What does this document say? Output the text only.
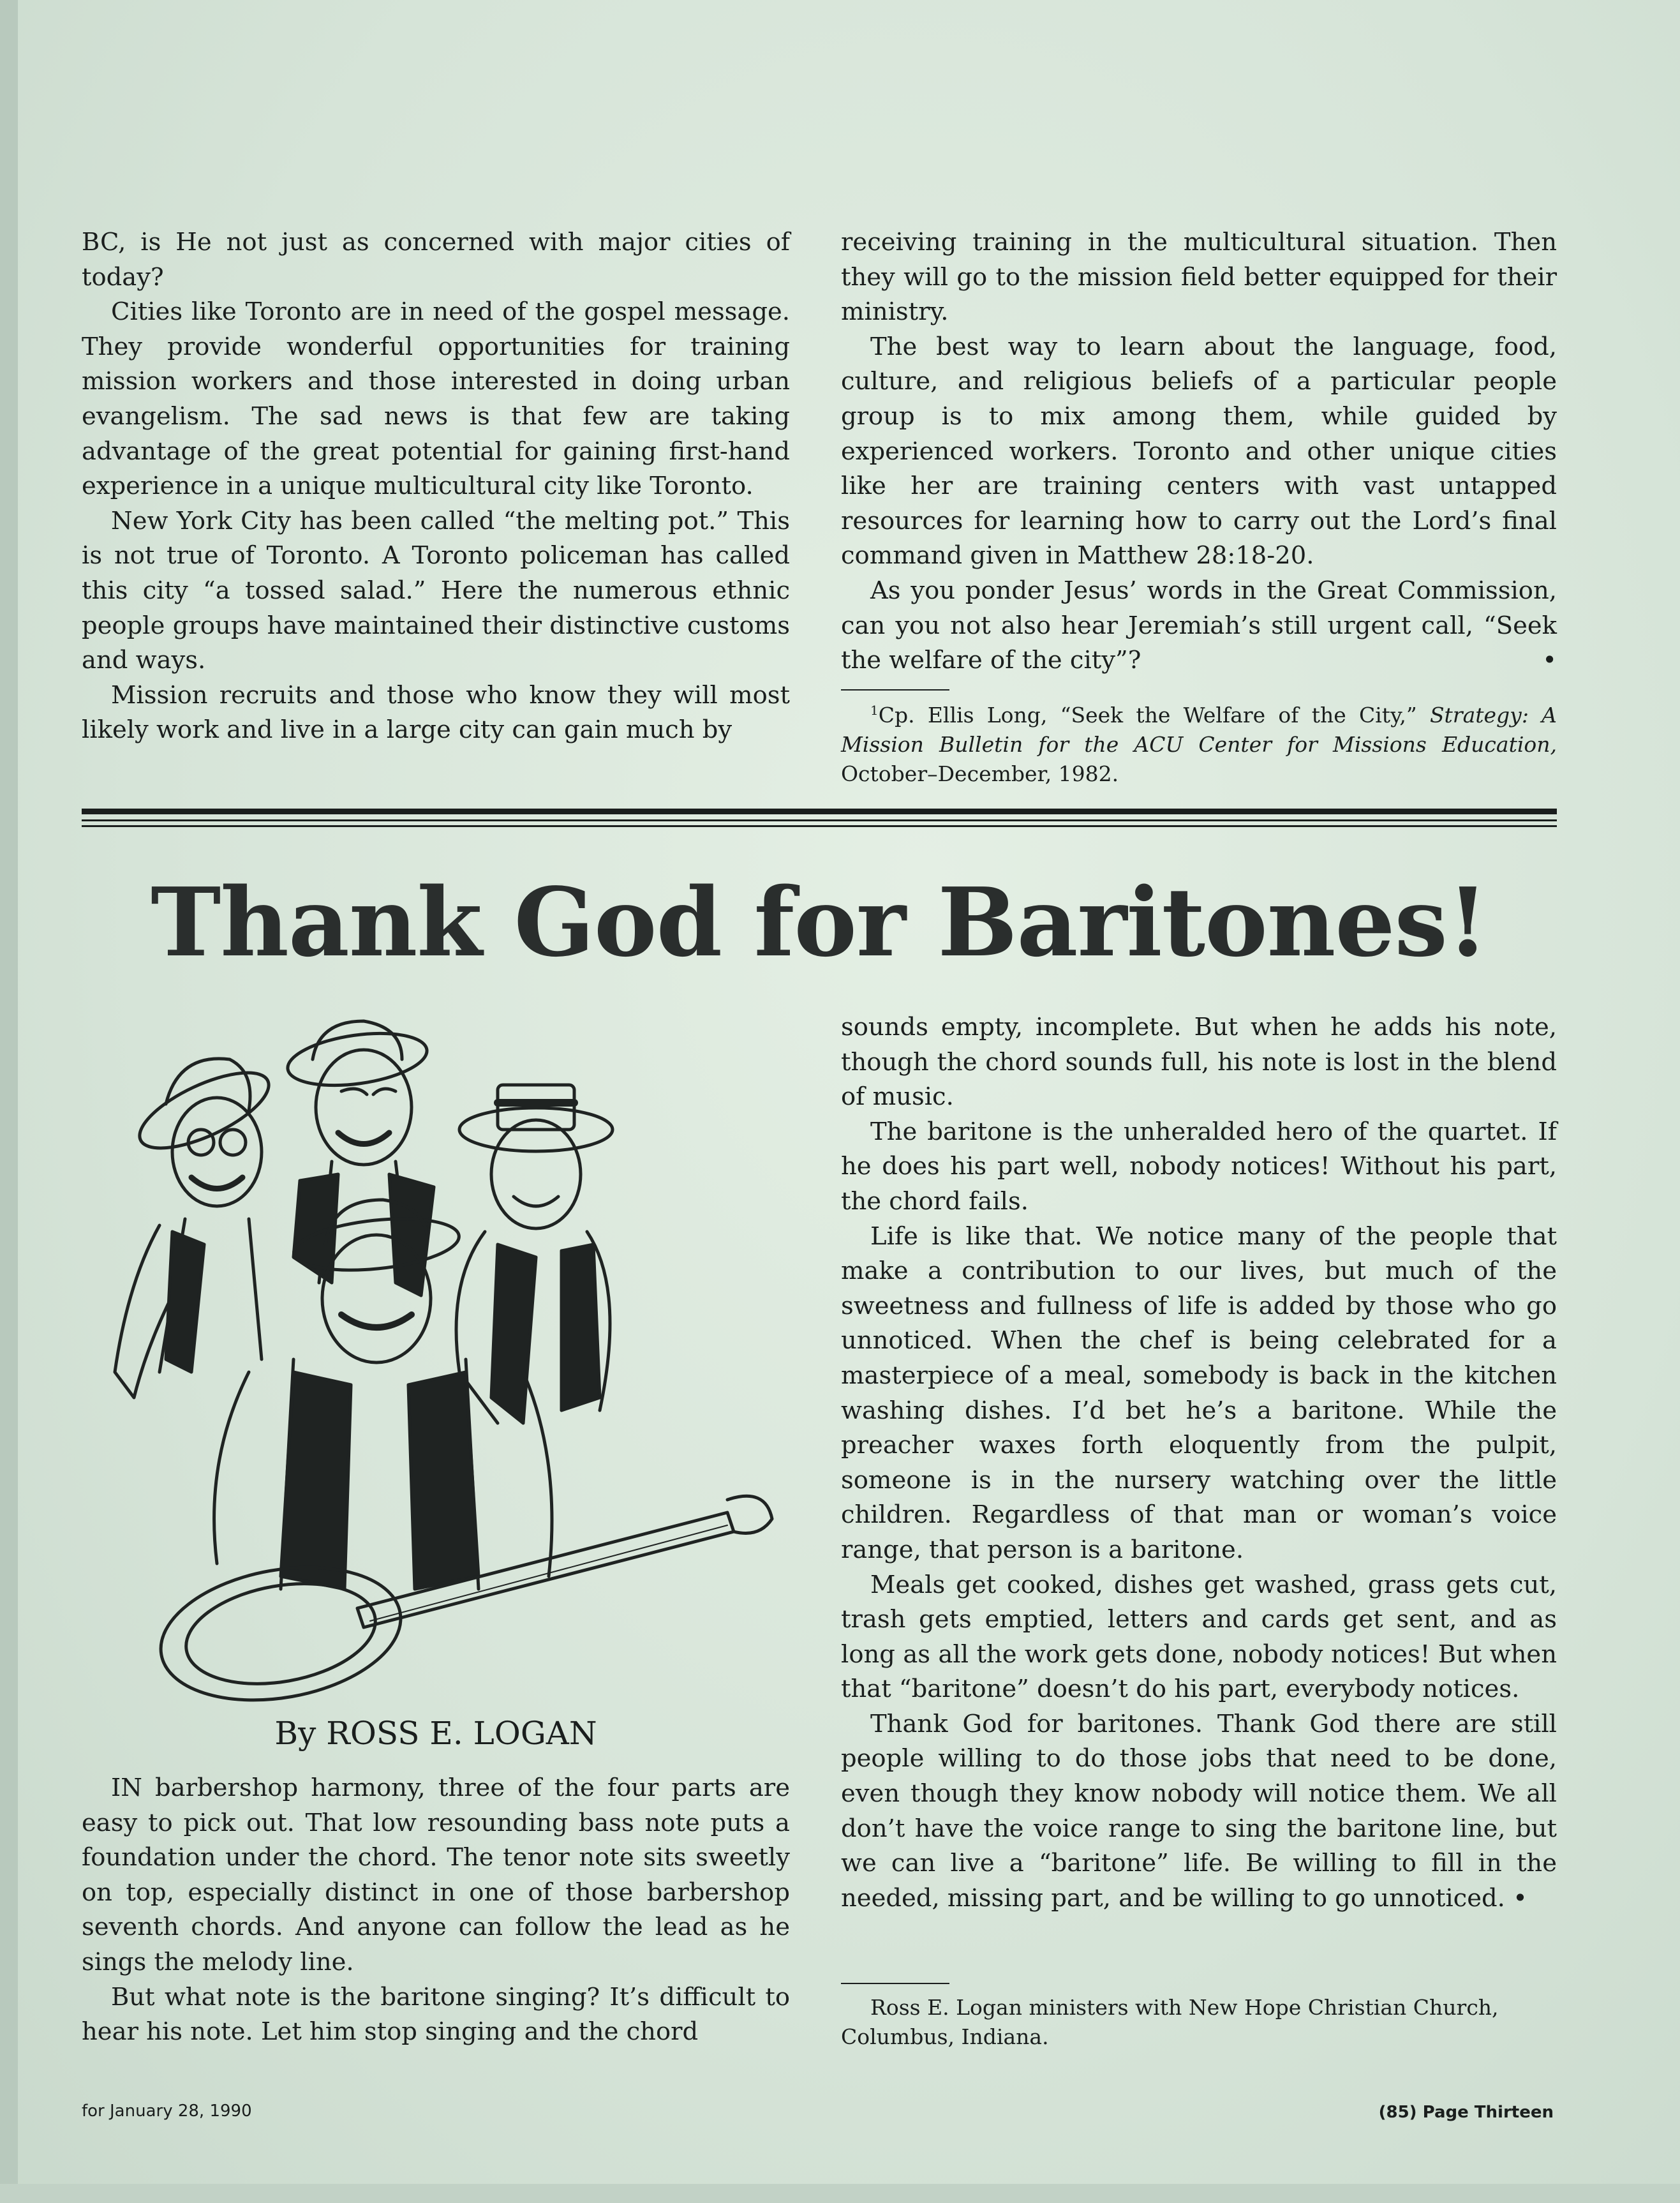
BC, is He not just as concerned with major cities of today?

Cities like Toronto are in need of the gospel message. They provide wonderful opportunities for training mission workers and those interested in doing urban evangelism. The sad news is that few are taking advantage of the great potential for gaining first-hand experience in a unique multicultural city like Toronto.

New York City has been called “the melting pot.” This is not true of Toronto. A Toronto policeman has called this city “a tossed salad.” Here the numerous ethnic people groups have maintained their distinctive customs and ways.

Mission recruits and those who know they will most likely work and live in a large city can gain much by

receiving training in the multicultural situation. Then they will go to the mission field better equipped for their ministry.

The best way to learn about the language, food, culture, and religious beliefs of a particular people group is to mix among them, while guided by experienced workers. Toronto and other unique cities like her are training centers with vast untapped resources for learning how to carry out the Lord’s final command given in Matthew 28:18-20.

As you ponder Jesus’ words in the Great Commission, can you not also hear Jeremiah’s still urgent call, “Seek the welfare of the city”?	•

$^1$Cp. Ellis Long, “Seek the Welfare of the City,” Strategy: A Mission Bulletin for the ACU Center for Missions Education, October–December, 1982.

Thank God for Baritones!
By ROSS E. LOGAN

IN barbershop harmony, three of the four parts are easy to pick out. That low resounding bass note puts a foundation under the chord. The tenor note sits sweetly on top, especially distinct in one of those barbershop seventh chords. And anyone can follow the lead as he sings the melody line.

But what note is the baritone singing? It’s difficult to hear his note. Let him stop singing and the chord

sounds empty, incomplete. But when he adds his note, though the chord sounds full, his note is lost in the blend of music.

The baritone is the unheralded hero of the quartet. If he does his part well, nobody notices! Without his part, the chord fails.

Life is like that. We notice many of the people that make a contribution to our lives, but much of the sweetness and fullness of life is added by those who go unnoticed. When the chef is being celebrated for a masterpiece of a meal, somebody is back in the kitchen washing dishes. I’d bet he’s a baritone. While the preacher waxes forth eloquently from the pulpit, someone is in the nursery watching over the little children. Regardless of that man or woman’s voice range, that person is a baritone.

Meals get cooked, dishes get washed, grass gets cut, trash gets emptied, letters and cards get sent, and as long as all the work gets done, nobody notices! But when that “baritone” doesn’t do his part, everybody notices.

Thank God for baritones. Thank God there are still people willing to do those jobs that need to be done, even though they know nobody will notice them. We all don’t have the voice range to sing the baritone line, but we can live a “baritone” life. Be willing to fill in the needed, missing part, and be willing to go unnoticed. •

Ross E. Logan ministers with New Hope Christian Church, Columbus, Indiana.

for January 28, 1990	(85) Page Thirteen
